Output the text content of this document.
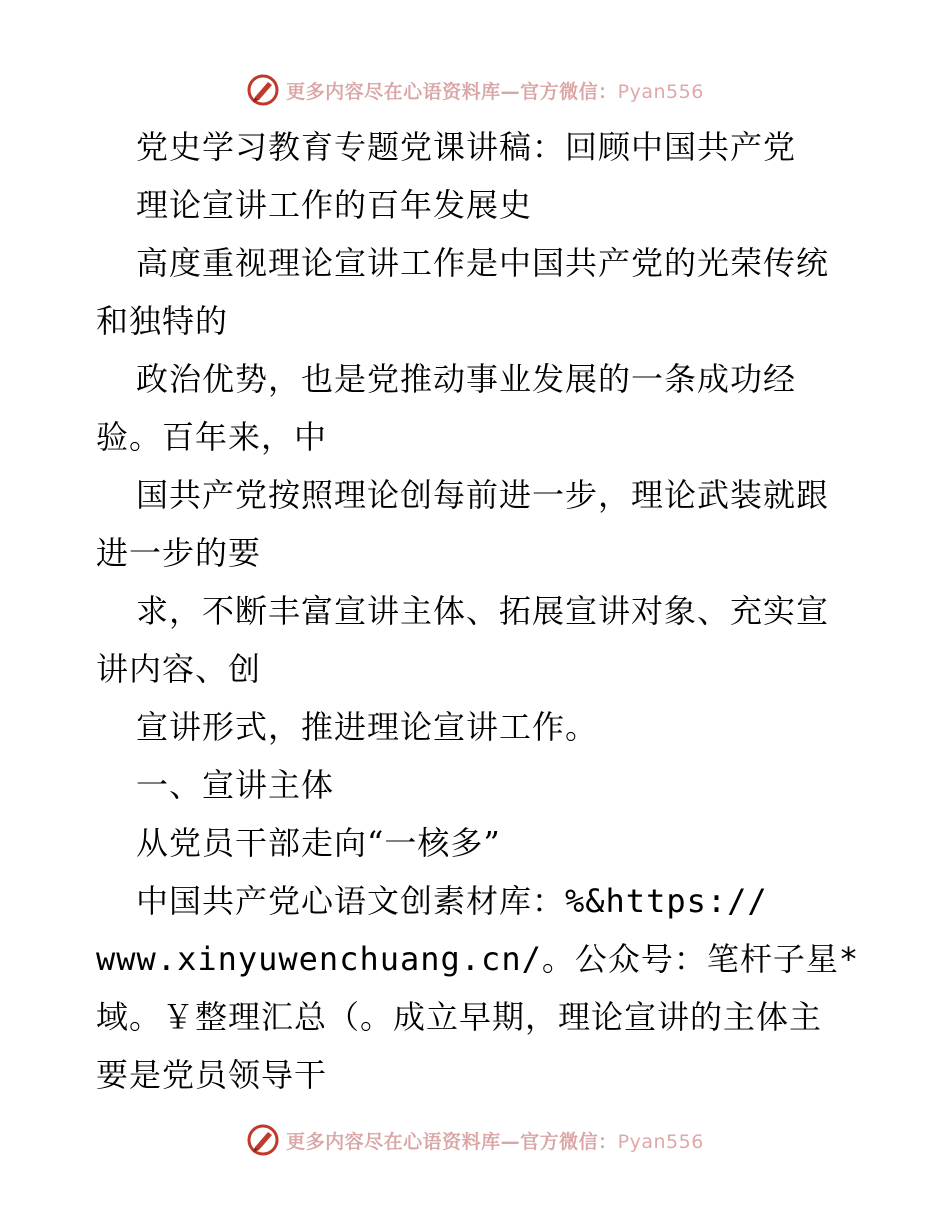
更多内容尽在心语资料库—官方微信：Pyan556
党史学习教育专题党课讲稿：回顾中国共产党
理论宣讲工作的百年发展史
高度重视理论宣讲工作是中国共产党的光荣传统
和独特的
政治优势，也是党推动事业发展的一条成功经
验。百年来，中
国共产党按照理论创每前进一步，理论武装就跟
进一步的要
求，不断丰富宣讲主体、拓展宣讲对象、充实宣
讲内容、创
宣讲形式，推进理论宣讲工作。
一、宣讲主体
从党员干部走向“一核多”
中国共产党心语文创素材库：%&https://
www.xinyuwenchuang.cn/。公众号：笔杆子星*
域。￥整理汇总（。成立早期，理论宣讲的主体主
要是党员领导干
更多内容尽在心语资料库—官方微信：Pyan556
